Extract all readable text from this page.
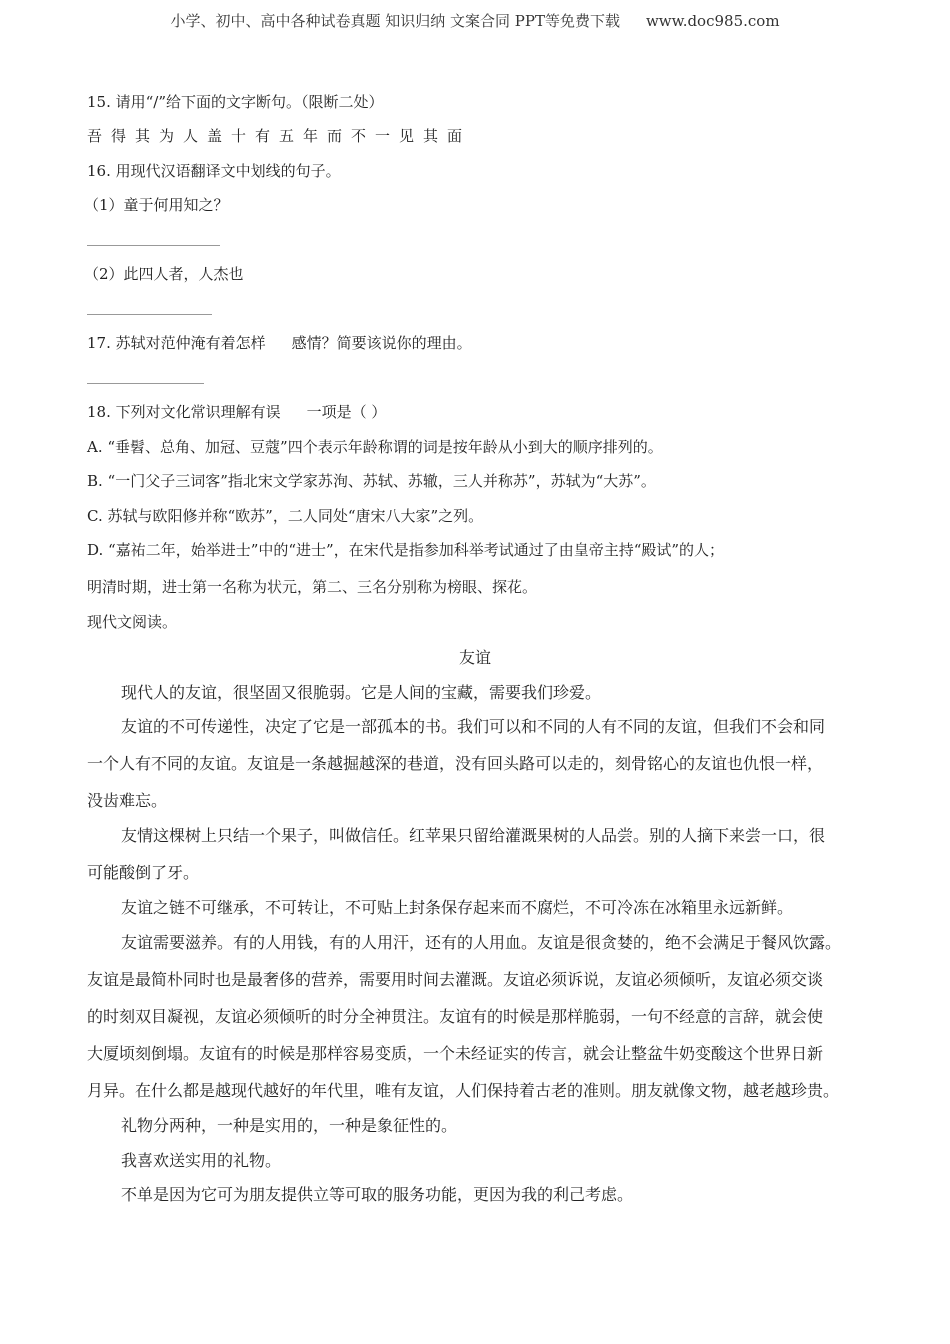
小学、初中、高中各种试卷真题 知识归纳 文案合同 PPT等免费下载 www.doc985.com
15. 请用“/”给下面的文字断句。（限断二处）
吾得其为人盖十有五年而不一见其面
16. 用现代汉语翻译文中划线的句子。
（1）童于何用知之？
（2）此四人者，人杰也
17. 苏轼对范仲淹有着怎样 感情？简要该说你的理由。
18. 下列对文化常识理解有误 一项是（ ）
A. “垂髫、总角、加冠、豆蔻”四个表示年龄称谓的词是按年龄从小到大的顺序排列的。
B. “一门父子三词客”指北宋文学家苏洵、苏轼、苏辙，三人并称苏”，苏轼为“大苏”。
C. 苏轼与欧阳修并称“欧苏”，二人同处“唐宋八大家”之列。
D. “嘉祐二年，始举进士”中的“进士”，在宋代是指参加科举考试通过了由皇帝主持“殿试”的人；
明清时期，进士第一名称为状元，第二、三名分别称为榜眼、探花。
现代文阅读。
友谊
现代人的友谊，很坚固又很脆弱。它是人间的宝藏，需要我们珍爱。
友谊的不可传递性，决定了它是一部孤本的书。我们可以和不同的人有不同的友谊，但我们不会和同
一个人有不同的友谊。友谊是一条越掘越深的巷道，没有回头路可以走的，刻骨铭心的友谊也仇恨一样，
没齿难忘。
友情这棵树上只结一个果子，叫做信任。红苹果只留给灌溉果树的人品尝。别的人摘下来尝一口，很
可能酸倒了牙。
友谊之链不可继承，不可转让，不可贴上封条保存起来而不腐烂，不可冷冻在冰箱里永远新鲜。
友谊需要滋养。有的人用钱，有的人用汗，还有的人用血。友谊是很贪婪的，绝不会满足于餐风饮露。
友谊是最简朴同时也是最奢侈的营养，需要用时间去灌溉。友谊必须诉说，友谊必须倾听，友谊必须交谈
的时刻双目凝视，友谊必须倾听的时分全神贯注。友谊有的时候是那样脆弱，一句不经意的言辞，就会使
大厦顷刻倒塌。友谊有的时候是那样容易变质，一个未经证实的传言，就会让整盆牛奶变酸这个世界日新
月异。在什么都是越现代越好的年代里，唯有友谊，人们保持着古老的准则。朋友就像文物，越老越珍贵。
礼物分两种，一种是实用的，一种是象征性的。
我喜欢送实用的礼物。
不单是因为它可为朋友提供立等可取的服务功能，更因为我的利己考虑。
